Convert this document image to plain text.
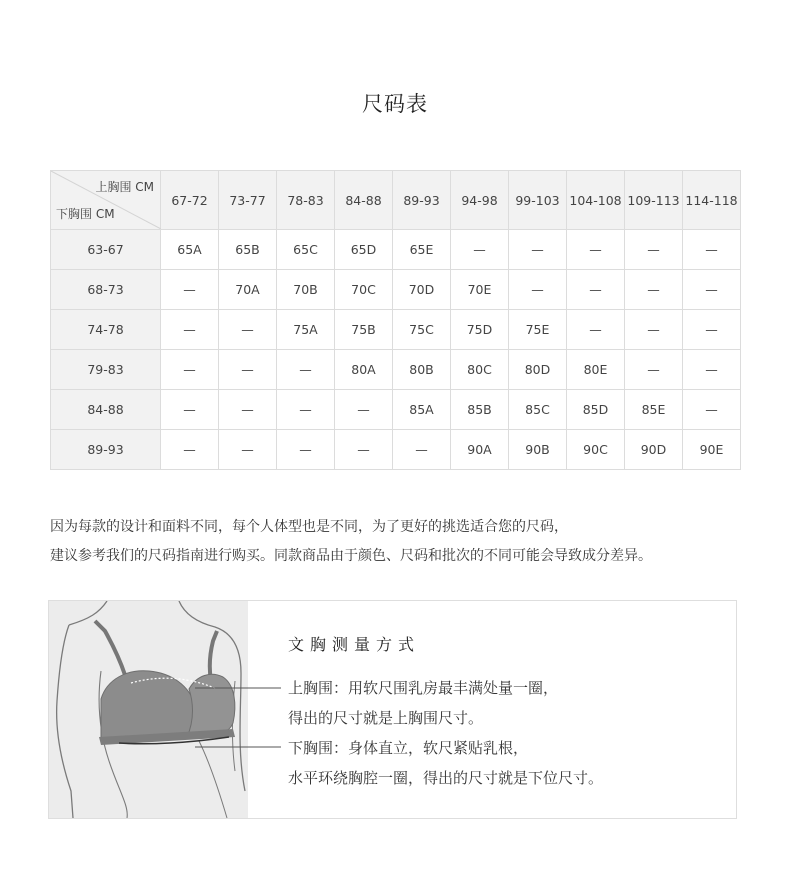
尺码表
上胸围 CM
下胸围 CM	67-72	73-77	78-83	84-88	89-93	94-98	99-103	104-108	109-113	114-118
63-67	65A	65B	65C	65D	65E	—	—	—	—	—
68-73	—	70A	70B	70C	70D	70E	—	—	—	—
74-78	—	—	75A	75B	75C	75D	75E	—	—	—
79-83	—	—	—	80A	80B	80C	80D	80E	—	—
84-88	—	—	—	—	85A	85B	85C	85D	85E	—
89-93	—	—	—	—	—	90A	90B	90C	90D	90E
因为每款的设计和面料不同，每个人体型也是不同，为了更好的挑选适合您的尺码，
建议参考我们的尺码指南进行购买。同款商品由于颜色、尺码和批次的不同可能会导致成分差异。
文胸测量方式
上胸围：用软尺围乳房最丰满处量一圈，
得出的尺寸就是上胸围尺寸。
下胸围：身体直立，软尺紧贴乳根，
水平环绕胸腔一圈，得出的尺寸就是下位尺寸。
